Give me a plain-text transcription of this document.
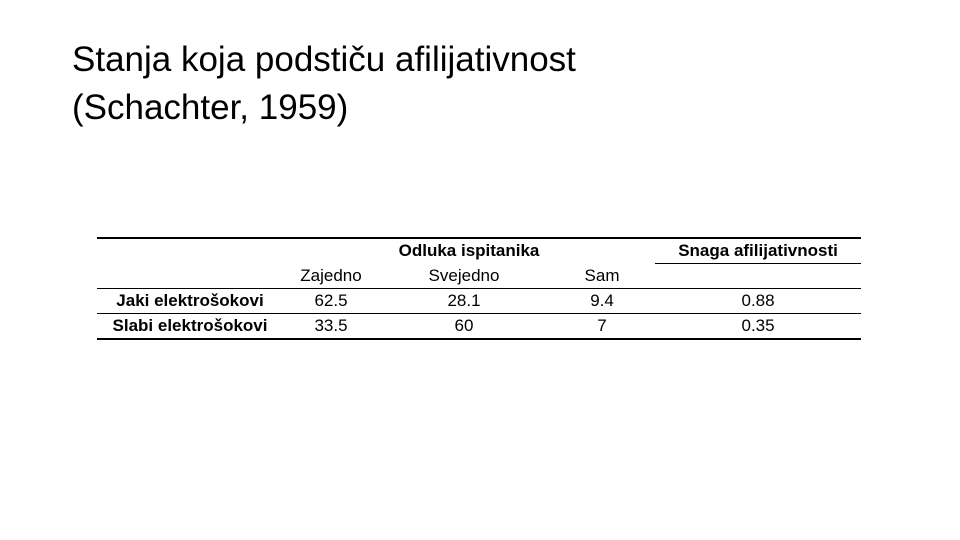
Stanja koja podstiču afilijativnost
(Schachter, 1959)
	Odluka ispitanika			Snaga afilijativnosti
	Zajedno	Svejedno	Sam	
Jaki elektrošokovi	62.5	28.1	9.4	0.88
Slabi elektrošokovi	33.5	60	7	0.35
